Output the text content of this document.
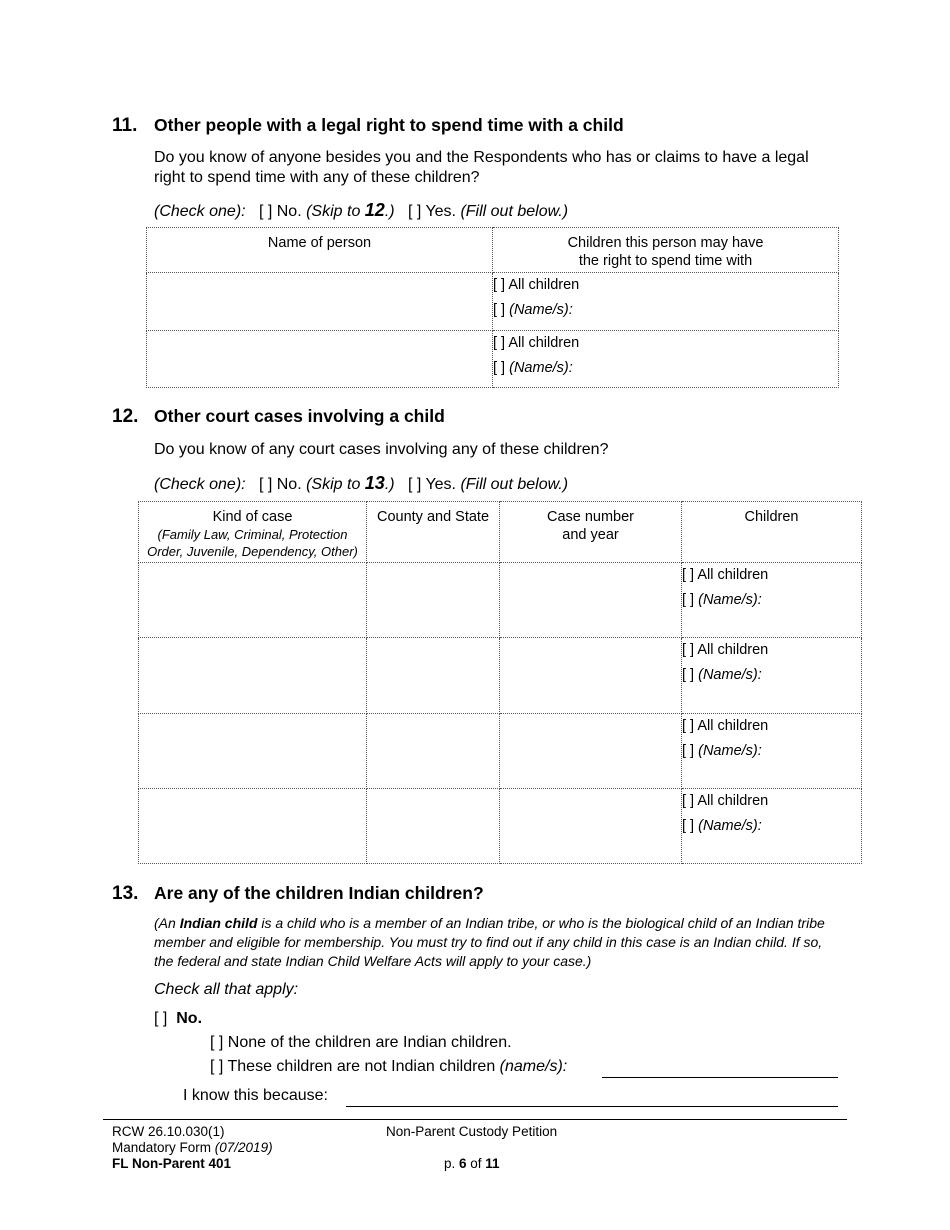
11. Other people with a legal right to spend time with a child
Do you know of anyone besides you and the Respondents who has or claims to have a legal right to spend time with any of these children?
(Check one): [ ] No. (Skip to 12.) [ ] Yes. (Fill out below.)
Name of person	Children this person may have
the right to spend time with

	[ ] All children
[ ] (Name/s):

	[ ] All children
[ ] (Name/s):
12. Other court cases involving a child
Do you know of any court cases involving any of these children?
(Check one): [ ] No. (Skip to 13.) [ ] Yes. (Fill out below.)
Kind of case
(Family Law, Criminal, Protection
Order, Juvenile, Dependency, Other)	County and State	Case number
and year	Children

			[ ] All children
[ ] (Name/s):

			[ ] All children
[ ] (Name/s):

			[ ] All children
[ ] (Name/s):

			[ ] All children
[ ] (Name/s):
13. Are any of the children Indian children?
(An Indian child is a child who is a member of an Indian tribe, or who is the biological child of an Indian tribe member and eligible for membership. You must try to find out if any child in this case is an Indian child. If so, the federal and state Indian Child Welfare Acts will apply to your case.)
Check all that apply:
[ ] No.
[ ] None of the children are Indian children.
[ ] These children are not Indian children (name/s):
I know this because:
RCW 26.10.030(1)
Mandatory Form (07/2019)
FL Non-Parent 401
Non-Parent Custody Petition
p. 6 of 11
